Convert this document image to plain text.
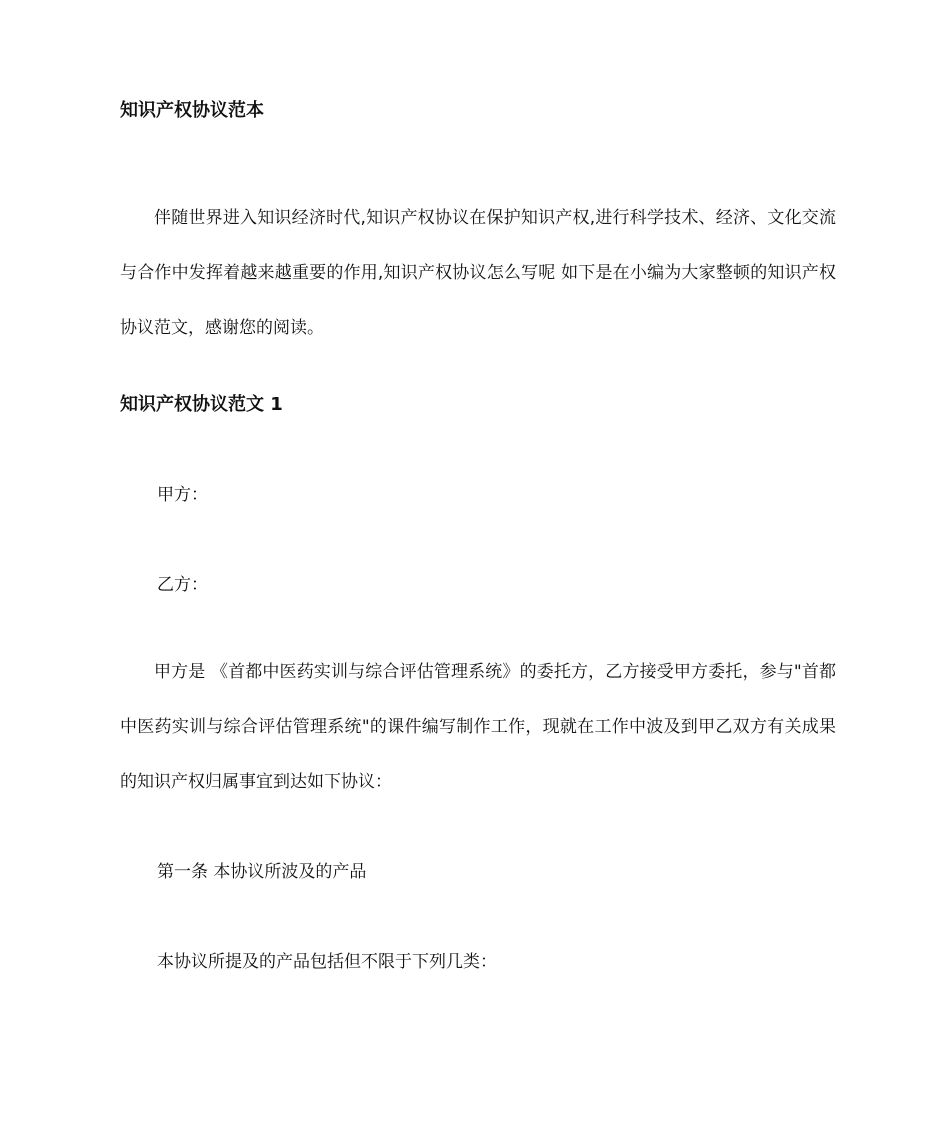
知识产权协议范本

伴随世界进入知识经济时代,知识产权协议在保护知识产权,进行科学技术、经济、文化交流与合作中发挥着越来越重要的作用,知识产权协议怎么写呢 如下是在小编为大家整顿的知识产权协议范文，感谢您的阅读。

知识产权协议范文 1
甲方：
乙方：

甲方是 《首都中医药实训与综合评估管理系统》的委托方，乙方接受甲方委托，参与"首都中医药实训与综合评估管理系统"的课件编写制作工作，现就在工作中波及到甲乙双方有关成果的知识产权归属事宜到达如下协议：

第一条 本协议所波及的产品
本协议所提及的产品包括但不限于下列几类：
